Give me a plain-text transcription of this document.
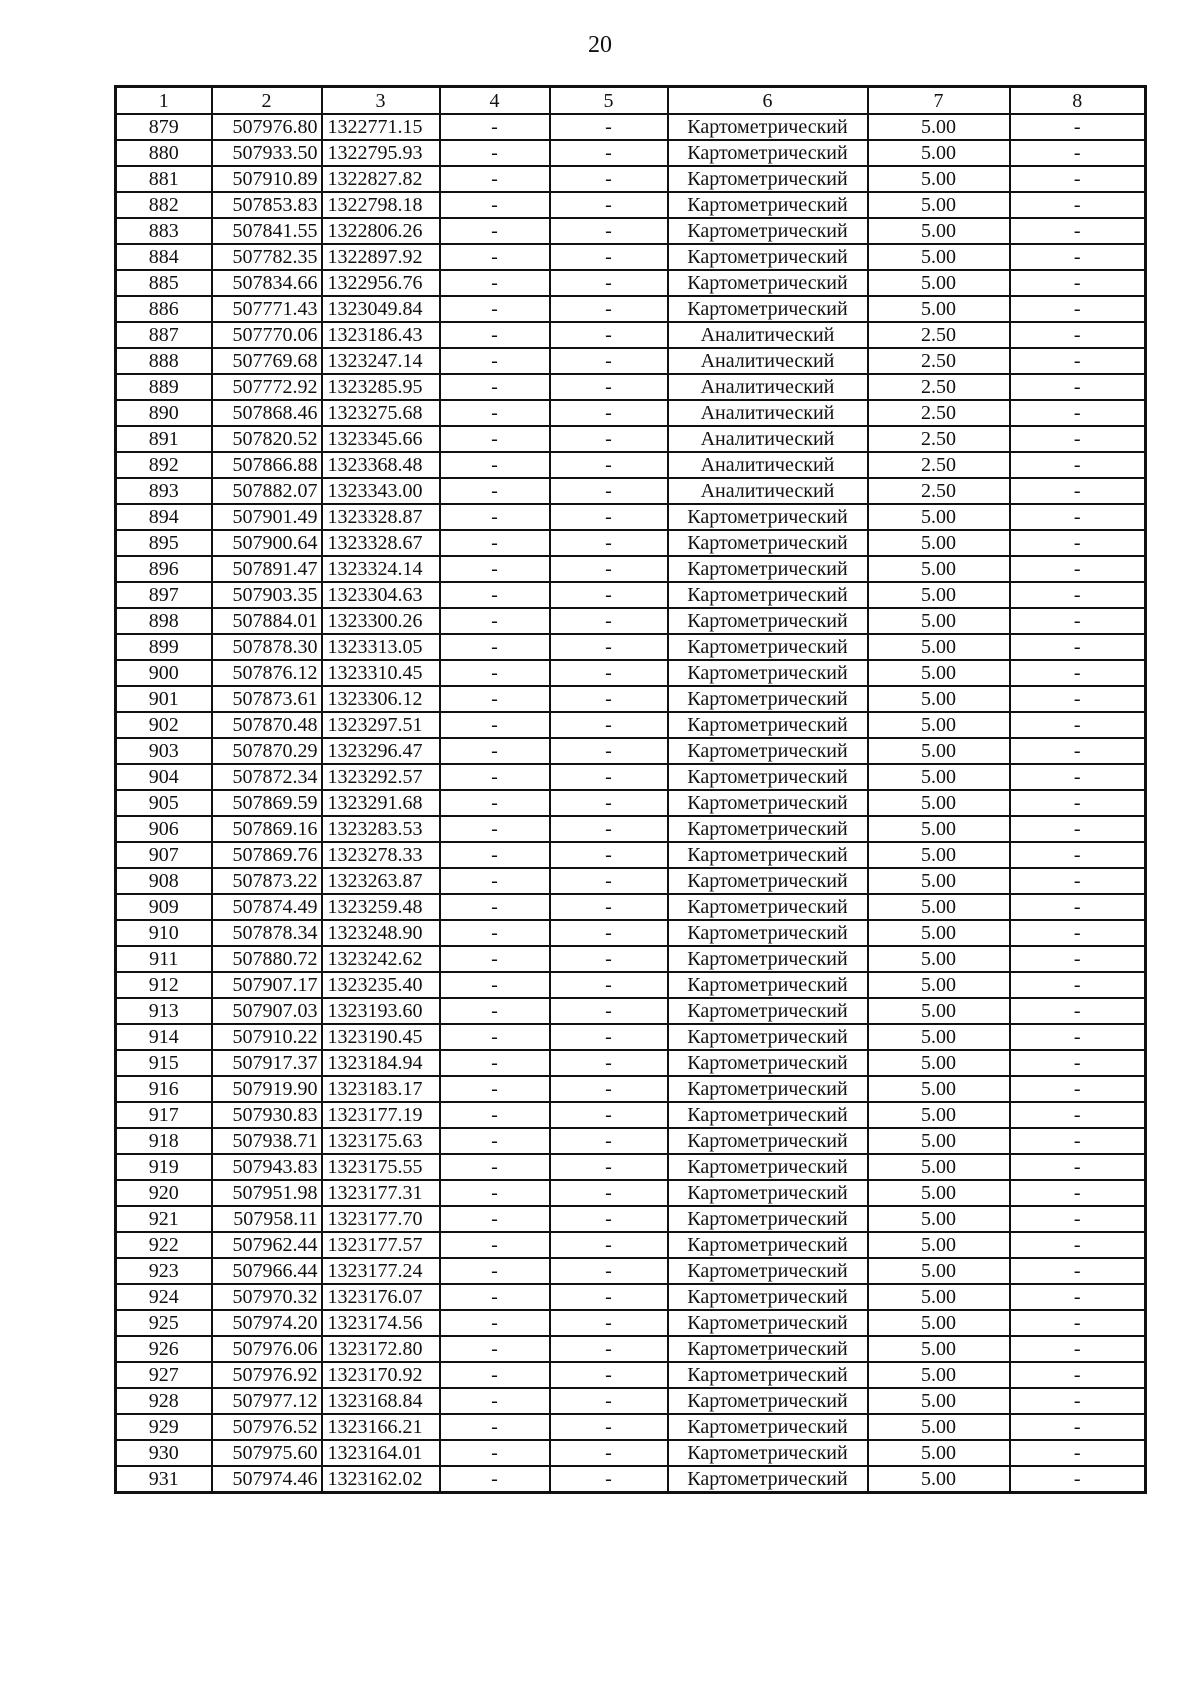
20
1	2	3	4	5	6	7	8
879	507976.80	1322771.15	-	-	Картометрический	5.00	-
880	507933.50	1322795.93	-	-	Картометрический	5.00	-
881	507910.89	1322827.82	-	-	Картометрический	5.00	-
882	507853.83	1322798.18	-	-	Картометрический	5.00	-
883	507841.55	1322806.26	-	-	Картометрический	5.00	-
884	507782.35	1322897.92	-	-	Картометрический	5.00	-
885	507834.66	1322956.76	-	-	Картометрический	5.00	-
886	507771.43	1323049.84	-	-	Картометрический	5.00	-
887	507770.06	1323186.43	-	-	Аналитический	2.50	-
888	507769.68	1323247.14	-	-	Аналитический	2.50	-
889	507772.92	1323285.95	-	-	Аналитический	2.50	-
890	507868.46	1323275.68	-	-	Аналитический	2.50	-
891	507820.52	1323345.66	-	-	Аналитический	2.50	-
892	507866.88	1323368.48	-	-	Аналитический	2.50	-
893	507882.07	1323343.00	-	-	Аналитический	2.50	-
894	507901.49	1323328.87	-	-	Картометрический	5.00	-
895	507900.64	1323328.67	-	-	Картометрический	5.00	-
896	507891.47	1323324.14	-	-	Картометрический	5.00	-
897	507903.35	1323304.63	-	-	Картометрический	5.00	-
898	507884.01	1323300.26	-	-	Картометрический	5.00	-
899	507878.30	1323313.05	-	-	Картометрический	5.00	-
900	507876.12	1323310.45	-	-	Картометрический	5.00	-
901	507873.61	1323306.12	-	-	Картометрический	5.00	-
902	507870.48	1323297.51	-	-	Картометрический	5.00	-
903	507870.29	1323296.47	-	-	Картометрический	5.00	-
904	507872.34	1323292.57	-	-	Картометрический	5.00	-
905	507869.59	1323291.68	-	-	Картометрический	5.00	-
906	507869.16	1323283.53	-	-	Картометрический	5.00	-
907	507869.76	1323278.33	-	-	Картометрический	5.00	-
908	507873.22	1323263.87	-	-	Картометрический	5.00	-
909	507874.49	1323259.48	-	-	Картометрический	5.00	-
910	507878.34	1323248.90	-	-	Картометрический	5.00	-
911	507880.72	1323242.62	-	-	Картометрический	5.00	-
912	507907.17	1323235.40	-	-	Картометрический	5.00	-
913	507907.03	1323193.60	-	-	Картометрический	5.00	-
914	507910.22	1323190.45	-	-	Картометрический	5.00	-
915	507917.37	1323184.94	-	-	Картометрический	5.00	-
916	507919.90	1323183.17	-	-	Картометрический	5.00	-
917	507930.83	1323177.19	-	-	Картометрический	5.00	-
918	507938.71	1323175.63	-	-	Картометрический	5.00	-
919	507943.83	1323175.55	-	-	Картометрический	5.00	-
920	507951.98	1323177.31	-	-	Картометрический	5.00	-
921	507958.11	1323177.70	-	-	Картометрический	5.00	-
922	507962.44	1323177.57	-	-	Картометрический	5.00	-
923	507966.44	1323177.24	-	-	Картометрический	5.00	-
924	507970.32	1323176.07	-	-	Картометрический	5.00	-
925	507974.20	1323174.56	-	-	Картометрический	5.00	-
926	507976.06	1323172.80	-	-	Картометрический	5.00	-
927	507976.92	1323170.92	-	-	Картометрический	5.00	-
928	507977.12	1323168.84	-	-	Картометрический	5.00	-
929	507976.52	1323166.21	-	-	Картометрический	5.00	-
930	507975.60	1323164.01	-	-	Картометрический	5.00	-
931	507974.46	1323162.02	-	-	Картометрический	5.00	-
